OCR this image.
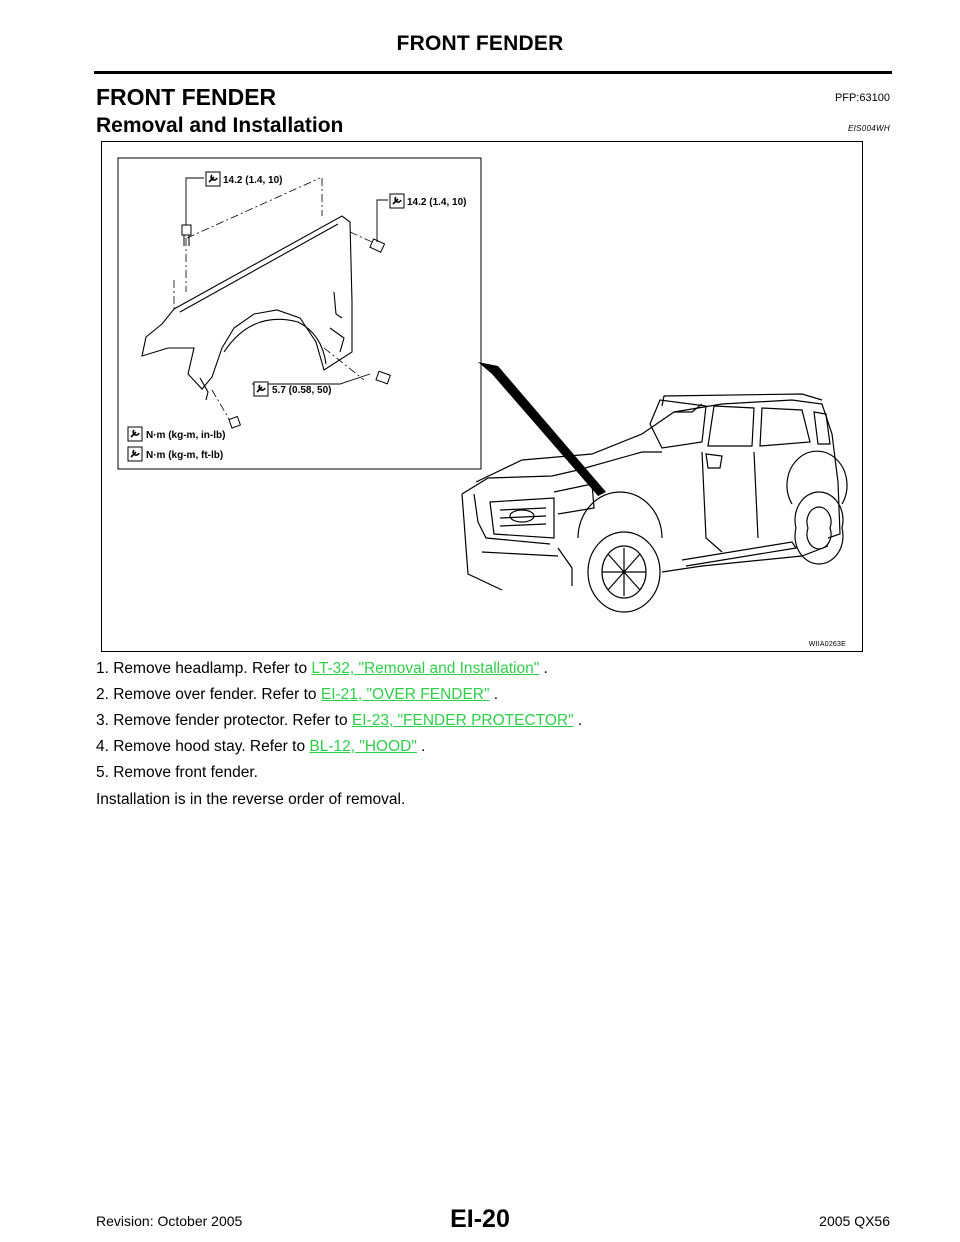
FRONT FENDER
FRONT FENDER	PFP:63100
Removal and Installation	EIS004WH
14.2 (1.4, 10)
14.2 (1.4, 10)
5.7 (0.58, 50)
N·m (kg-m, in-lb)
N·m (kg-m, ft-lb)
WIIA0263E
1. Remove headlamp. Refer to LT-32, "Removal and Installation" .
2. Remove over fender. Refer to EI-21, "OVER FENDER" .
3. Remove fender protector. Refer to EI-23, "FENDER PROTECTOR" .
4. Remove hood stay. Refer to BL-12, "HOOD" .
5. Remove front fender.
Installation is in the reverse order of removal.
EI-20
Revision: October 2005	2005 QX56
